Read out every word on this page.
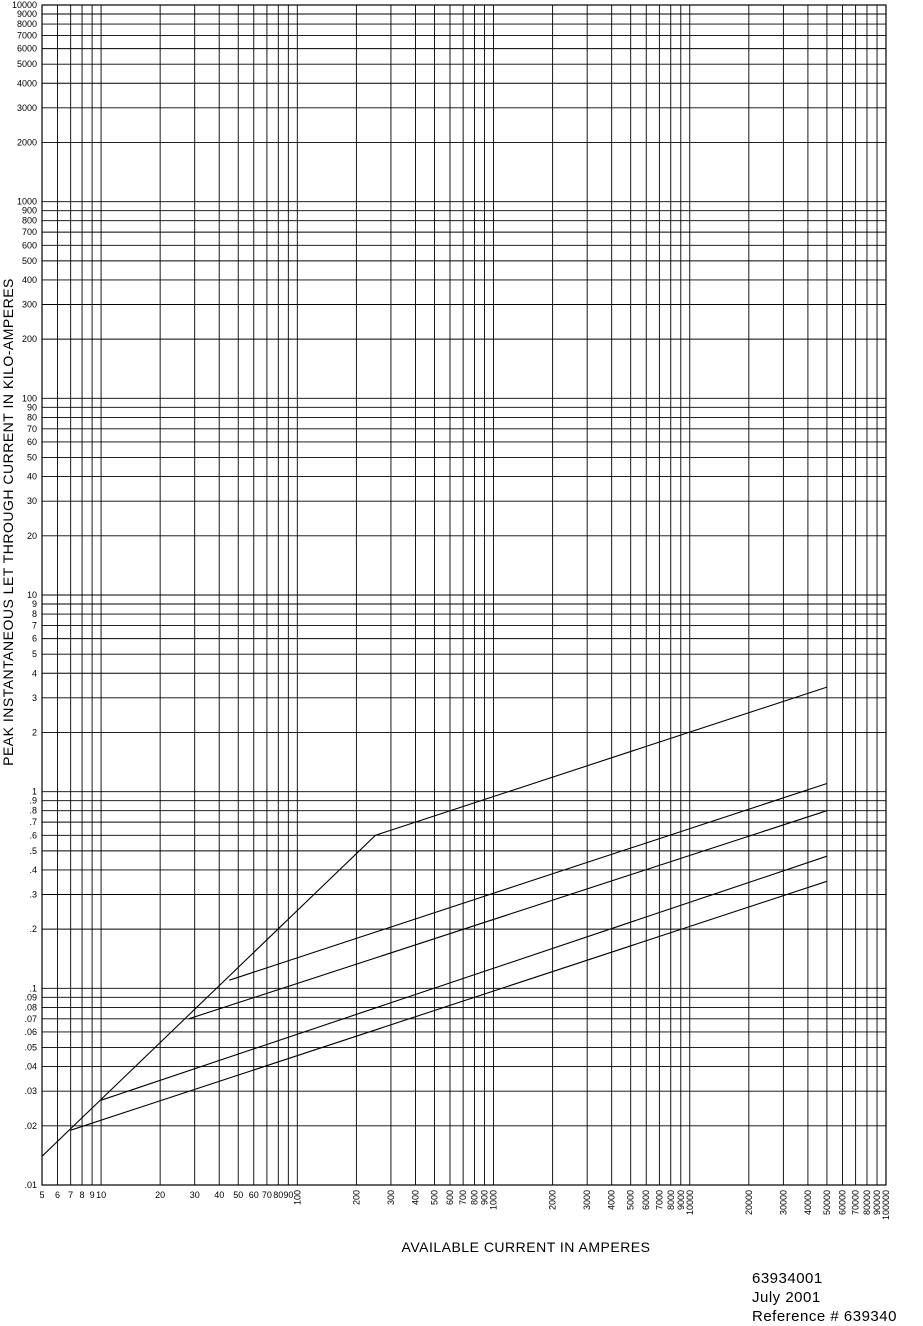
10000
9000
8000
7000
6000
5000
4000
3000
2000
1000
900
800
700
600
500
400
300
200
100
90
80
70
60
50
40
30
20
10
9
8
7
6
5
4
3
2
1
.9
.8
.7
.6
.5
.4
.3
.2
.1
.09
.08
.07
.06
.05
.04
.03
.02
.01
5 6 7 8 9 10	20	30 40 50 60 70 80 90
100	200	300 400 500 600 700 800 900
1000	2000	3000 4000 5000 6000 7000 8000 9000
10000	20000	30000 40000 50000 60000 70000 80000 90000
100000
AVAILABLE CURRENT IN AMPERES
PEAK INSTANTANEOUS LET THROUGH CURRENT IN KILO-AMPERES
63934001
July 2001
Reference # 639340
